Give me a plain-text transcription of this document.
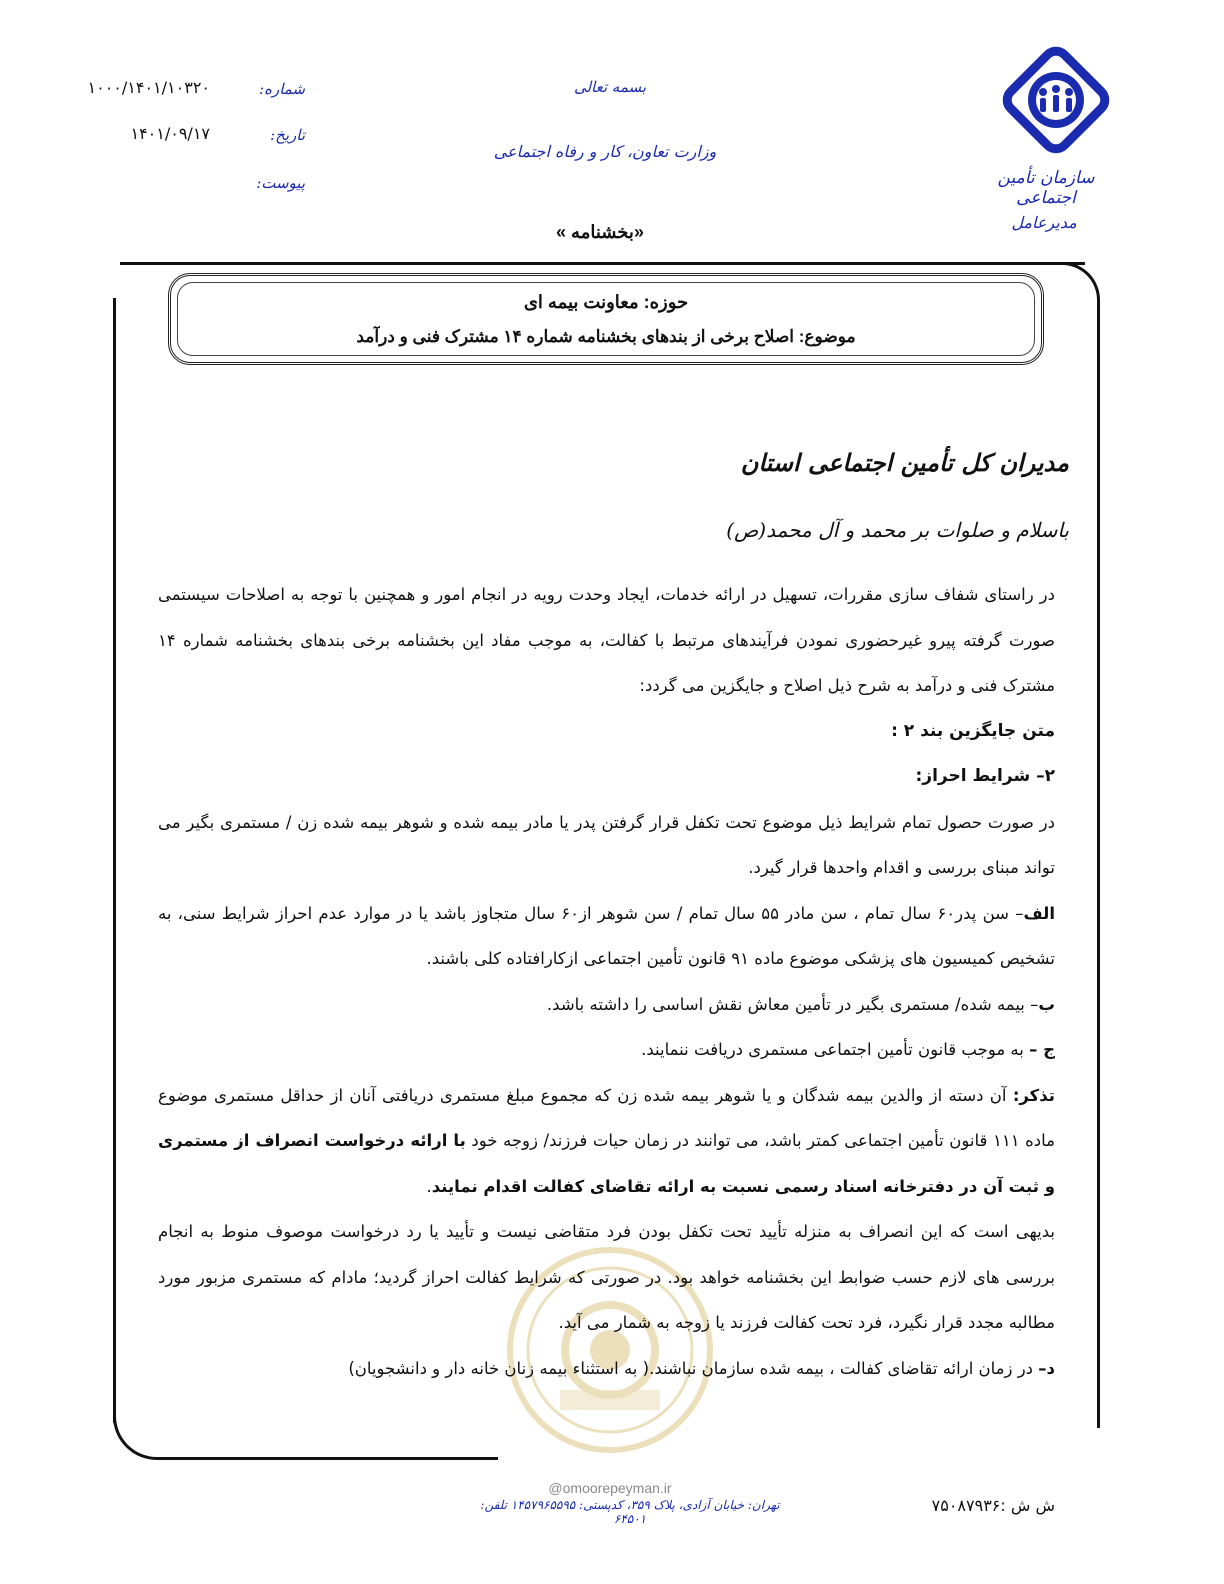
سازمان تأمین اجتماعی
مدیرعامل
بسمه تعالی
وزارت تعاون، کار و رفاه اجتماعی
«بخشنامه »
شماره:
۱۰۰۰/۱۴۰۱/۱۰۳۲۰
تاریخ:
۱۴۰۱/۰۹/۱۷
پیوست:
حوزه: معاونت بیمه ای
موضوع: اصلاح برخی از بندهای بخشنامه شماره ۱۴ مشترک فنی و درآمد
مدیران کل تأمین اجتماعی استان
باسلام و صلوات بر محمد و آل محمد(ص)

در راستای شفاف سازی مقررات، تسهیل در ارائه خدمات، ایجاد وحدت رویه در انجام امور و همچنین با توجه به اصلاحات سیستمی صورت گرفته پیرو غیرحضوری نمودن فرآیندهای مرتبط با کفالت، به موجب مفاد این بخشنامه برخی بندهای بخشنامه شماره ۱۴ مشترک فنی و درآمد به شرح ذیل اصلاح و جایگزین می گردد:

متن جایگزین بند ۲ :

۲– شرایط احراز:

در صورت حصول تمام شرایط ذیل موضوع تحت تکفل قرار گرفتن پدر یا مادر بیمه شده و شوهر بیمه شده زن / مستمری بگیر می تواند مبنای بررسی و اقدام واحدها قرار گیرد.

الف– سن پدر۶۰ سال تمام ، سن مادر ۵۵ سال تمام / سن شوهر از۶۰ سال متجاوز باشد یا در موارد عدم احراز شرایط سنی، به تشخیص کمیسیون های پزشکی موضوع ماده ۹۱ قانون تأمین اجتماعی ازکارافتاده کلی باشند.

ب– بیمه شده/ مستمری بگیر در تأمین معاش نقش اساسی را داشته باشد.

ج – به موجب قانون تأمین اجتماعی مستمری دریافت ننمایند.

تذکر: آن دسته از والدین بیمه شدگان و یا شوهر بیمه شده زن که مجموع مبلغ مستمری دریافتی آنان از حداقل مستمری موضوع ماده ۱۱۱ قانون تأمین اجتماعی کمتر باشد، می توانند در زمان حیات فرزند/ زوجه خود با ارائه درخواست انصراف از مستمری و ثبت آن در دفترخانه اسناد رسمی نسبت به ارائه تقاضای کفالت اقدام نمایند.

بدیهی است که این انصراف به منزله تأیید تحت تکفل بودن فرد متقاضی نیست و تأیید یا رد درخواست موصوف منوط به انجام بررسی های لازم حسب ضوابط این بخشنامه خواهد بود. در صورتی که شرایط کفالت احراز گردید؛ مادام که مستمری مزبور مورد مطالبه مجدد قرار نگیرد، فرد تحت کفالت فرزند یا زوجه به شمار می آید.

د– در زمان ارائه تقاضای کفالت ، بیمه شده سازمان نباشند.( به استثناء بیمه زنان خانه دار و دانشجویان)

@omoorepeyman.ir
تهران: خیابان آزادی، پلاک ۳۵۹، کدپستی: ۱۴۵۷۹۶۵۵۹۵ تلفن: ۶۴۵۰۱
ش ش :۷۵۰۸۷۹۳۶
